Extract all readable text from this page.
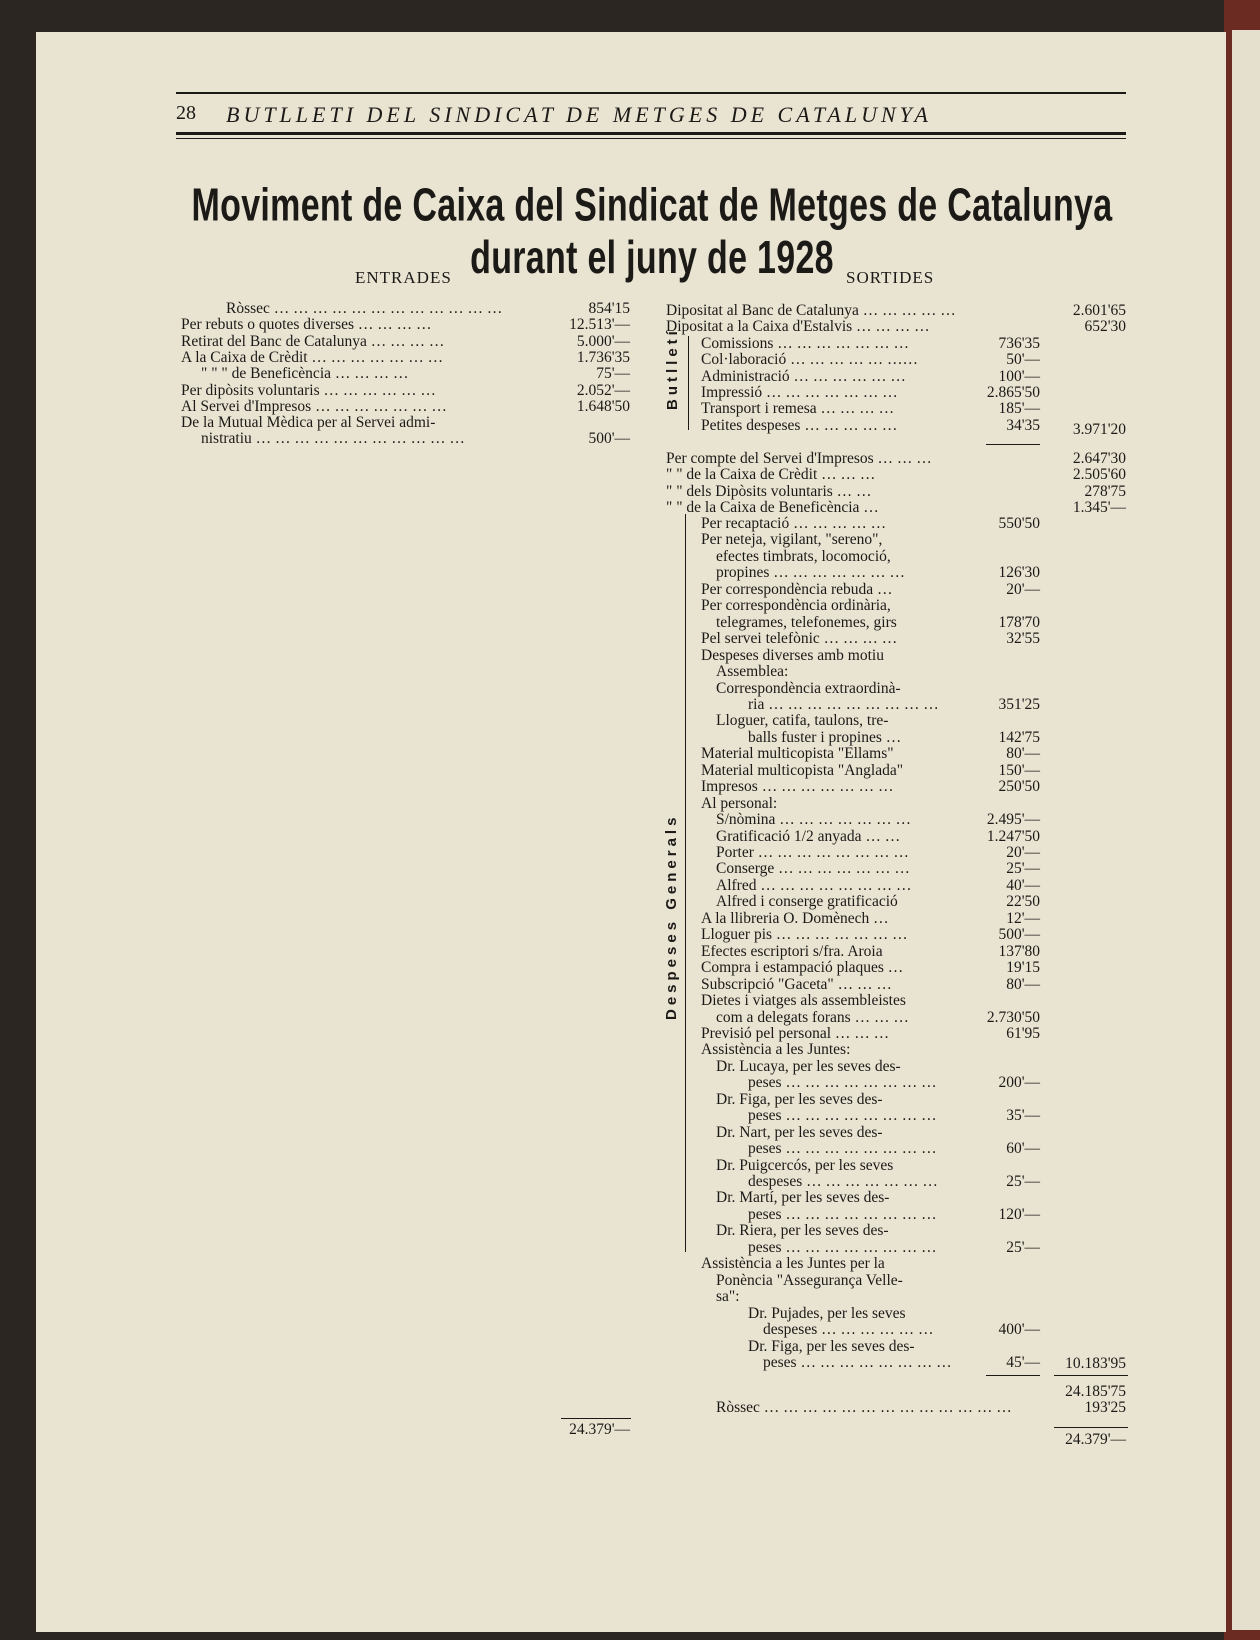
28 BUTLLETI DEL SINDICAT DE METGES DE CATALUNYA
Moviment de Caixa del Sindicat de Metges de Catalunya durant el juny de 1928
ENTRADES	SORTIDES
Ròssec … … … … … … … … … … … …	854'15
Per rebuts o quotes diverses … … … …	12.513'—
Retirat del Banc de Catalunya … … … …	5.000'—
A la Caixa de Crèdit … … … … … … …	1.736'35
" " " de Beneficència … … … …	75'—
Per dipòsits voluntaris … … … … … …	2.052'—
Al Servei d'Impresos … … … … … … …	1.648'50
De la Mutual Mèdica per al Servei admi-
nistratiu … … … … … … … … … … …	500'—
24.379'—
Dipositat al Banc de Catalunya … … … … …	2.601'65
Dipositat a la Caixa d'Estalvis … … … …	652'30
Comissions … … … … … … …	736'35
Col·laboració … … … … … ……	50'—
Administració … … … … … …	100'—
Impressió … … … … … … …	2.865'50
Transport i remesa … … … …	185'—
Petites despeses … … … … …	34'35	3.971'20
Per compte del Servei d'Impresos … … …	2.647'30
" " de la Caixa de Crèdit … … …	2.505'60
" " dels Dipòsits voluntaris … …	278'75
" " de la Caixa de Beneficència …	1.345'—
Per recaptació … … … … …	550'50
Per neteja, vigilant, "sereno",
efectes timbrats, locomoció,
propines … … … … … … …	126'30
Per correspondència rebuda …	20'—
Per correspondència ordinària,
telegrames, telefonemes, girs	178'70
Pel servei telefònic … … … …	32'55
Despeses diverses amb motiu
Assemblea:
Correspondència extraordinà-
ria … … … … … … … … …	351'25
Lloguer, catifa, taulons, tre-
balls fuster i propines …	142'75
Material multicopista "Ellams"	80'—
Material multicopista "Anglada"	150'—
Impresos … … … … … … …	250'50
Al personal:
S/nòmina … … … … … … …	2.495'—
Gratificació 1/2 anyada … …	1.247'50
Porter … … … … … … … …	20'—
Conserge … … … … … … …	25'—
Alfred … … … … … … … …	40'—
Alfred i conserge gratificació	22'50
A la llibreria O. Domènech …	12'—
Lloguer pis … … … … … … …	500'—
Efectes escriptori s/fra. Aroia	137'80
Compra i estampació plaques …	19'15
Subscripció "Gaceta" … … …	80'—
Dietes i viatges als assembleistes
com a delegats forans … … …	2.730'50
Previsió pel personal … … …	61'95
Assistència a les Juntes:
Dr. Lucaya, per les seves des-
peses … … … … … … … …	200'—
Dr. Figa, per les seves des-
peses … … … … … … … …	35'—
Dr. Nart, per les seves des-
peses … … … … … … … …	60'—
Dr. Puigcercós, per les seves
despeses … … … … … … …	25'—
Dr. Martí, per les seves des-
peses … … … … … … … …	120'—
Dr. Riera, per les seves des-
peses … … … … … … … …	25'—
Assistència a les Juntes per la
Ponència "Assegurança Velle-
sa":
Dr. Pujades, per les seves
despeses … … … … … …	400'—
Dr. Figa, per les seves des-
peses … … … … … … … …	45'—	10.183'95
24.185'75
Ròssec … … … … … … … … … … … … …	193'25
24.379'—
Butlletí
Despeses Generals
